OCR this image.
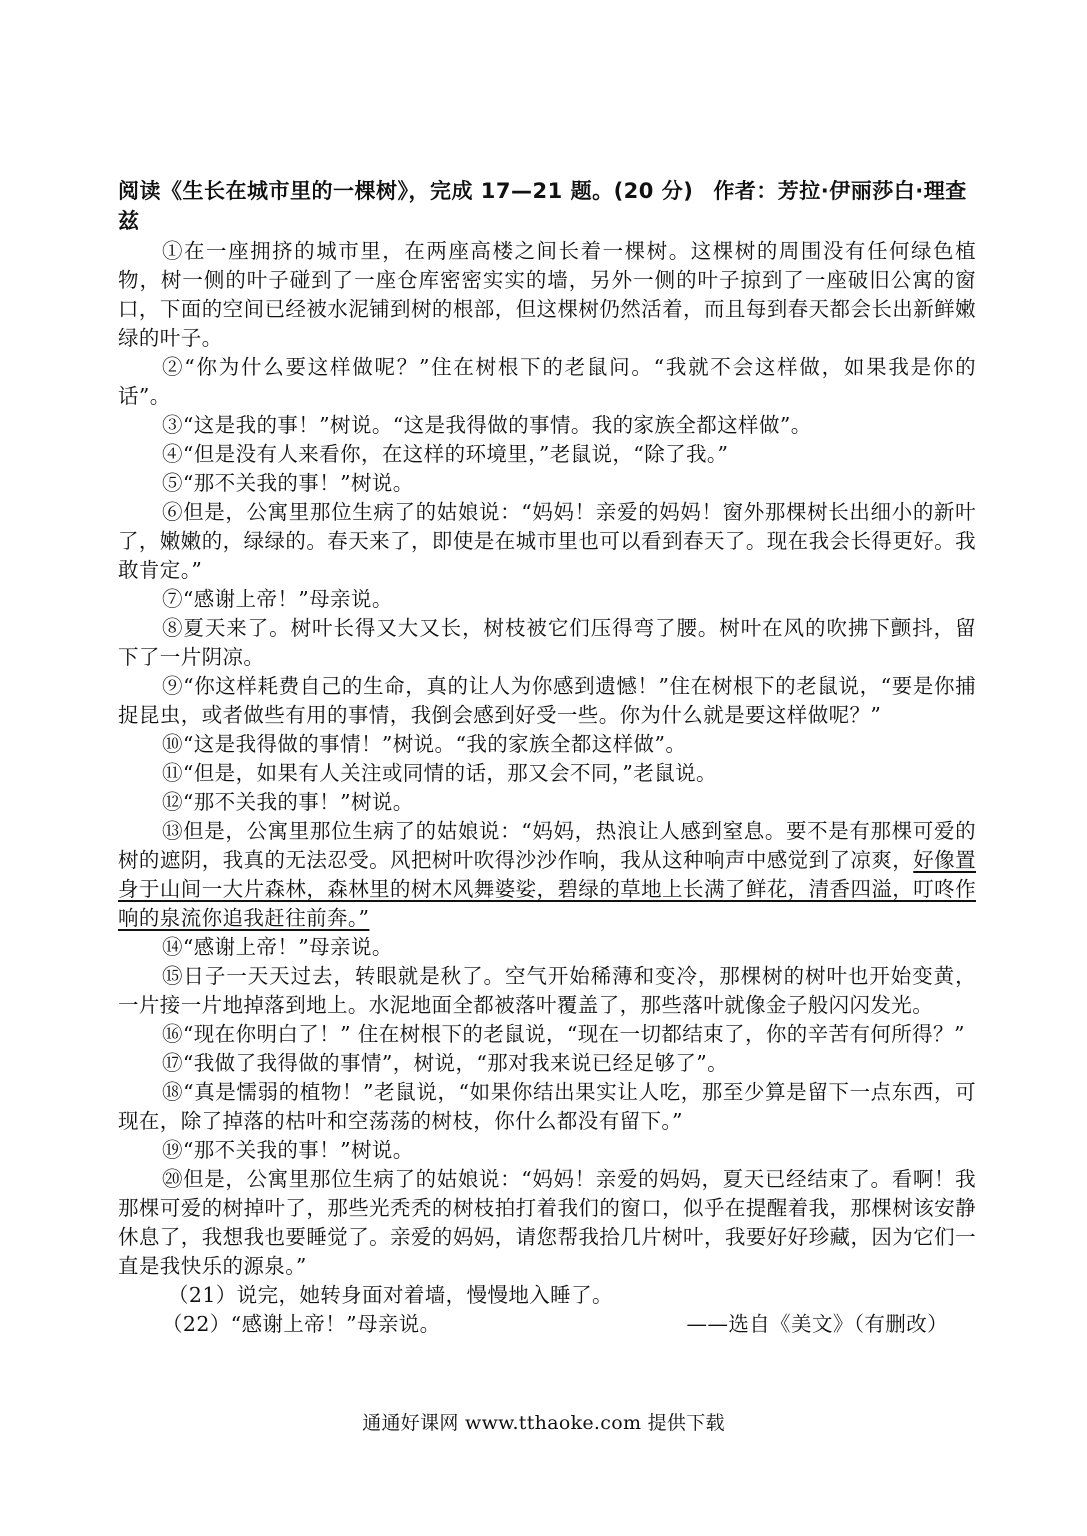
阅读《生长在城市里的一棵树》，完成 17—21 题。(20 分) 作者：芳拉·伊丽莎白·理查兹

①在一座拥挤的城市里，在两座高楼之间长着一棵树。这棵树的周围没有任何绿色植物，树一侧的叶子碰到了一座仓库密密实实的墙，另外一侧的叶子掠到了一座破旧公寓的窗口，下面的空间已经被水泥铺到树的根部，但这棵树仍然活着，而且每到春天都会长出新鲜嫩绿的叶子。

②“你为什么要这样做呢？”住在树根下的老鼠问。“我就不会这样做，如果我是你的话”。

③“这是我的事！”树说。“这是我得做的事情。我的家族全都这样做”。

④“但是没有人来看你，在这样的环境里，”老鼠说，“除了我。”

⑤“那不关我的事！”树说。

⑥但是，公寓里那位生病了的姑娘说：“妈妈！亲爱的妈妈！窗外那棵树长出细小的新叶了，嫩嫩的，绿绿的。春天来了，即使是在城市里也可以看到春天了。现在我会长得更好。我敢肯定。”

⑦“感谢上帝！”母亲说。

⑧夏天来了。树叶长得又大又长，树枝被它们压得弯了腰。树叶在风的吹拂下颤抖，留下了一片阴凉。

⑨“你这样耗费自己的生命，真的让人为你感到遗憾！”住在树根下的老鼠说，“要是你捕捉昆虫，或者做些有用的事情，我倒会感到好受一些。你为什么就是要这样做呢？”

⑩“这是我得做的事情！”树说。“我的家族全都这样做”。

⑪“但是，如果有人关注或同情的话，那又会不同，”老鼠说。

⑫“那不关我的事！”树说。

⑬但是，公寓里那位生病了的姑娘说：“妈妈，热浪让人感到窒息。要不是有那棵可爱的树的遮阴，我真的无法忍受。风把树叶吹得沙沙作响，我从这种响声中感觉到了凉爽，好像置身于山间一大片森林，森林里的树木风舞婆娑，碧绿的草地上长满了鲜花，清香四溢，叮咚作响的泉流你追我赶往前奔。”

⑭“感谢上帝！”母亲说。

⑮日子一天天过去，转眼就是秋了。空气开始稀薄和变冷，那棵树的树叶也开始变黄，一片接一片地掉落到地上。水泥地面全都被落叶覆盖了，那些落叶就像金子般闪闪发光。

⑯“现在你明白了！” 住在树根下的老鼠说，“现在一切都结束了，你的辛苦有何所得？”

⑰“我做了我得做的事情”，树说，“那对我来说已经足够了”。

⑱“真是懦弱的植物！”老鼠说，“如果你结出果实让人吃，那至少算是留下一点东西，可现在，除了掉落的枯叶和空荡荡的树枝，你什么都没有留下。”

⑲“那不关我的事！”树说。

⑳但是，公寓里那位生病了的姑娘说：“妈妈！亲爱的妈妈，夏天已经结束了。看啊！我那棵可爱的树掉叶了，那些光秃秃的树枝拍打着我们的窗口，似乎在提醒着我，那棵树该安静休息了，我想我也要睡觉了。亲爱的妈妈，请您帮我拾几片树叶，我要好好珍藏，因为它们一直是我快乐的源泉。”

（21）说完，她转身面对着墙，慢慢地入睡了。

（22）“感谢上帝！”母亲说。	——选自《美文》（有删改）
通通好课网 www.tthaoke.com 提供下载
